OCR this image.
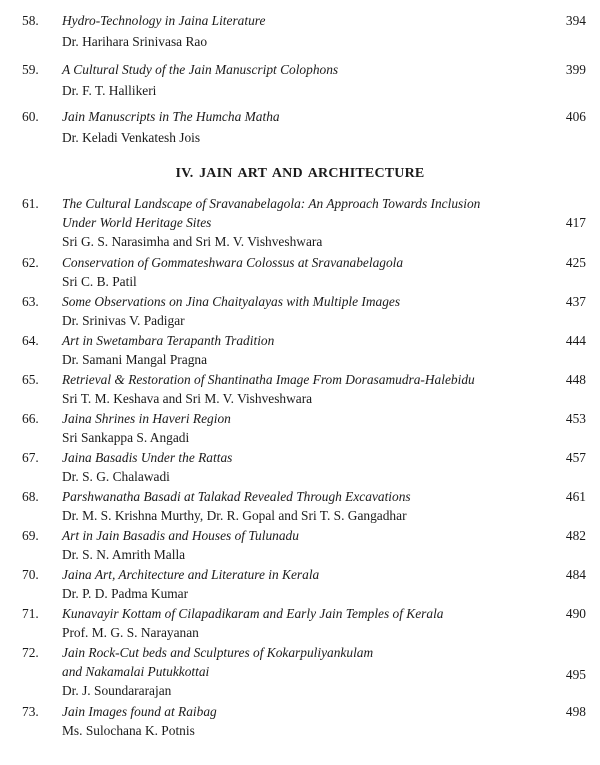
58. Hydro-Technology in Jaina Literature	394
Dr. Harihara Srinivasa Rao
59. A Cultural Study of the Jain Manuscript Colophons	399
Dr. F. T. Hallikeri
60. Jain Manuscripts in The Humcha Matha	406
Dr. Keladi Venkatesh Jois
IV. JAIN ART AND ARCHITECTURE
61. The Cultural Landscape of Sravanabelagola: An Approach Towards Inclusion
Under World Heritage Sites	417
Sri G. S. Narasimha and Sri M. V. Vishveshwara
62. Conservation of Gommateshwara Colossus at Sravanabelagola	425
Sri C. B. Patil
63. Some Observations on Jina Chaityalayas with Multiple Images	437
Dr. Srinivas V. Padigar
64. Art in Swetambara Terapanth Tradition	444
Dr. Samani Mangal Pragna
65. Retrieval & Restoration of Shantinatha Image From Dorasamudra-Halebidu	448
Sri T. M. Keshava and Sri M. V. Vishveshwara
66. Jaina Shrines in Haveri Region	453
Sri Sankappa S. Angadi
67. Jaina Basadis Under the Rattas	457
Dr. S. G. Chalawadi
68. Parshwanatha Basadi at Talakad Revealed Through Excavations	461
Dr. M. S. Krishna Murthy, Dr. R. Gopal and Sri T. S. Gangadhar
69. Art in Jain Basadis and Houses of Tulunadu	482
Dr. S. N. Amrith Malla
70. Jaina Art, Architecture and Literature in Kerala	484
Dr. P. D. Padma Kumar
71. Kunavayir Kottam of Cilapadikaram and Early Jain Temples of Kerala	490
Prof. M. G. S. Narayanan
72. Jain Rock-Cut beds and Sculptures of Kokarpuliyankulam
and Nakamalai Putukkottai	495
Dr. J. Soundararajan
73. Jain Images found at Raibag	498
Ms. Sulochana K. Potnis
